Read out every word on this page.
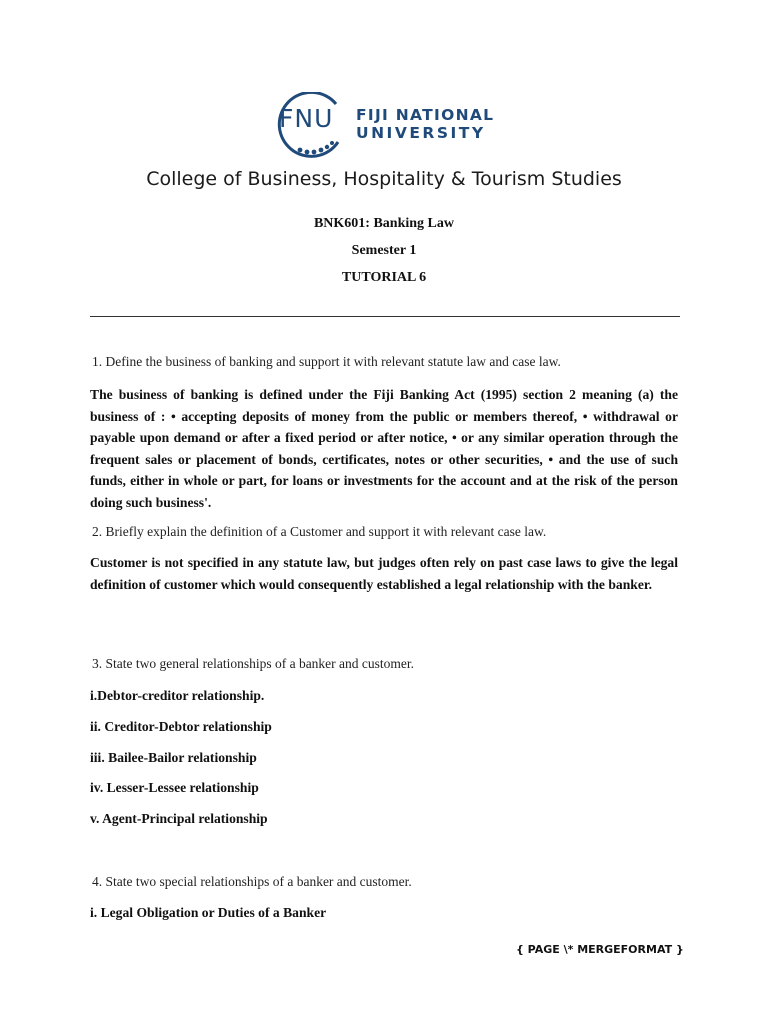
FNU FIJI NATIONAL
UNIVERSITY
College of Business, Hospitality & Tourism Studies
BNK601: Banking Law
Semester 1
TUTORIAL 6
1. Define the business of banking and support it with relevant statute law and case law.
The business of banking is defined under the Fiji Banking Act (1995) section 2 meaning (a) the business of : • accepting deposits of money from the public or members thereof, • withdrawal or payable upon demand or after a fixed period or after notice, • or any similar operation through the frequent sales or placement of bonds, certificates, notes or other securities, • and the use of such funds, either in whole or part, for loans or investments for the account and at the risk of the person doing such business'.
2. Briefly explain the definition of a Customer and support it with relevant case law.
Customer is not specified in any statute law, but judges often rely on past case laws to give the legal definition of customer which would consequently established a legal relationship with the banker.
3. State two general relationships of a banker and customer.
i.Debtor-creditor relationship.
ii. Creditor-Debtor relationship
iii. Bailee-Bailor relationship
iv. Lesser-Lessee relationship
v. Agent-Principal relationship
4. State two special relationships of a banker and customer.
i. Legal Obligation or Duties of a Banker
{ PAGE \* MERGEFORMAT }
